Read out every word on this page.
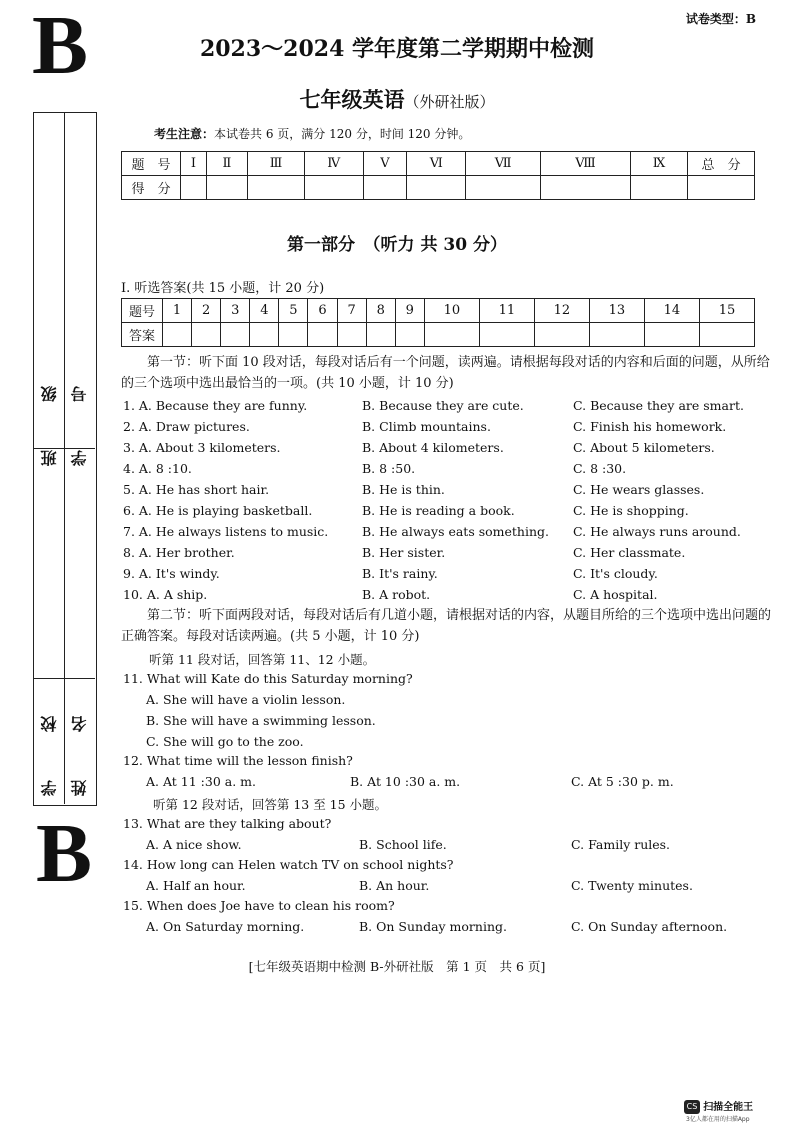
B
B
试卷类型：B
2023～2024 学年度第二学期期中检测
七年级英语（外研社版）
考生注意：本试卷共 6 页，满分 120 分，时间 120 分钟。
题　号	Ⅰ	Ⅱ	Ⅲ	Ⅳ	Ⅴ	Ⅵ	Ⅶ	Ⅷ	Ⅸ	总　分
得　分										
班　级 学　号
学　校 姓　名
第一部分　（听力 共 30 分）
Ⅰ. 听选答案(共 15 小题，计 20 分)
题号	1	2	3	4	5	6	7	8	9	10	11	12	13	14	15
答案															
第一节：听下面 10 段对话，每段对话后有一个问题，读两遍。请根据每段对话的内容和后面的问题，从所给的三个选项中选出最恰当的一项。(共 10 小题，计 10 分)
1. A. Because they are funny.	B. Because they are cute.	C. Because they are smart.
2. A. Draw pictures.	B. Climb mountains.	C. Finish his homework.
3. A. About 3 kilometers.	B. About 4 kilometers.	C. About 5 kilometers.
4. A. 8 :10.	B. 8 :50.	C. 8 :30.
5. A. He has short hair.	B. He is thin.	C. He wears glasses.
6. A. He is playing basketball.	B. He is reading a book.	C. He is shopping.
7. A. He always listens to music.	B. He always eats something. C. He always runs around.
8. A. Her brother.	B. Her sister.	C. Her classmate.
9. A. It's windy.	B. It's rainy.	C. It's cloudy.
10. A. A ship.	B. A robot.	C. A hospital.
第二节：听下面两段对话，每段对话后有几道小题，请根据对话的内容，从题目所给的三个选项中选出问题的正确答案。每段对话读两遍。(共 5 小题，计 10 分)
听第 11 段对话，回答第 11、12 小题。
11. What will Kate do this Saturday morning?
A. She will have a violin lesson.
B. She will have a swimming lesson.
C. She will go to the zoo.
12. What time will the lesson finish?
A. At 11 :30 a. m.	B. At 10 :30 a. m.	C. At 5 :30 p. m.
听第 12 段对话，回答第 13 至 15 小题。
13. What are they talking about?
A. A nice show.	B. School life.	C. Family rules.
14. How long can Helen watch TV on school nights?
A. Half an hour.	B. An hour.	C. Twenty minutes.
15. When does Joe have to clean his room?
A. On Saturday morning.	B. On Sunday morning.	C. On Sunday afternoon.
[七年级英语期中检测 B-外研社版　第 1 页　共 6 页]
CS 扫描全能王
3亿人都在用的扫描App
